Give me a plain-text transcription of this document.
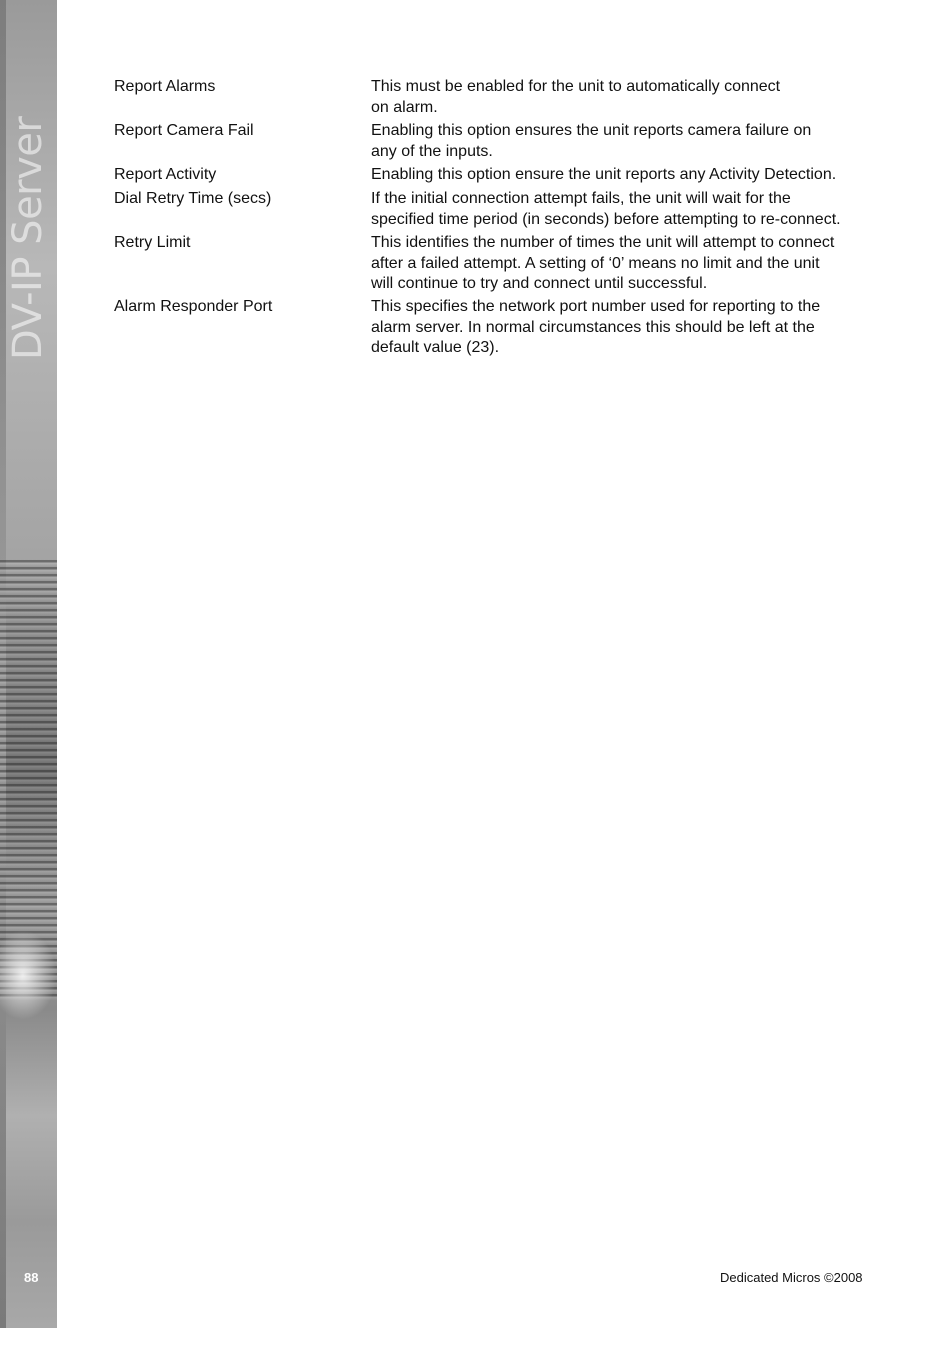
DV-IP Server
88
Report Alarms	This must be enabled for the unit to automatically connect
on alarm.
Report Camera Fail	Enabling this option ensures the unit reports camera failure on
any of the inputs.
Report Activity	Enabling this option ensure the unit reports any Activity Detection.
Dial Retry Time (secs)	If the initial connection attempt fails, the unit will wait for the
specified time period (in seconds) before attempting to re-connect.
Retry Limit	This identifies the number of times the unit will attempt to connect
after a failed attempt. A setting of ‘0’ means no limit and the unit
will continue to try and connect until successful.
Alarm Responder Port	This specifies the network port number used for reporting to the
alarm server. In normal circumstances this should be left at the
default value (23).
Dedicated Micros ©2008
